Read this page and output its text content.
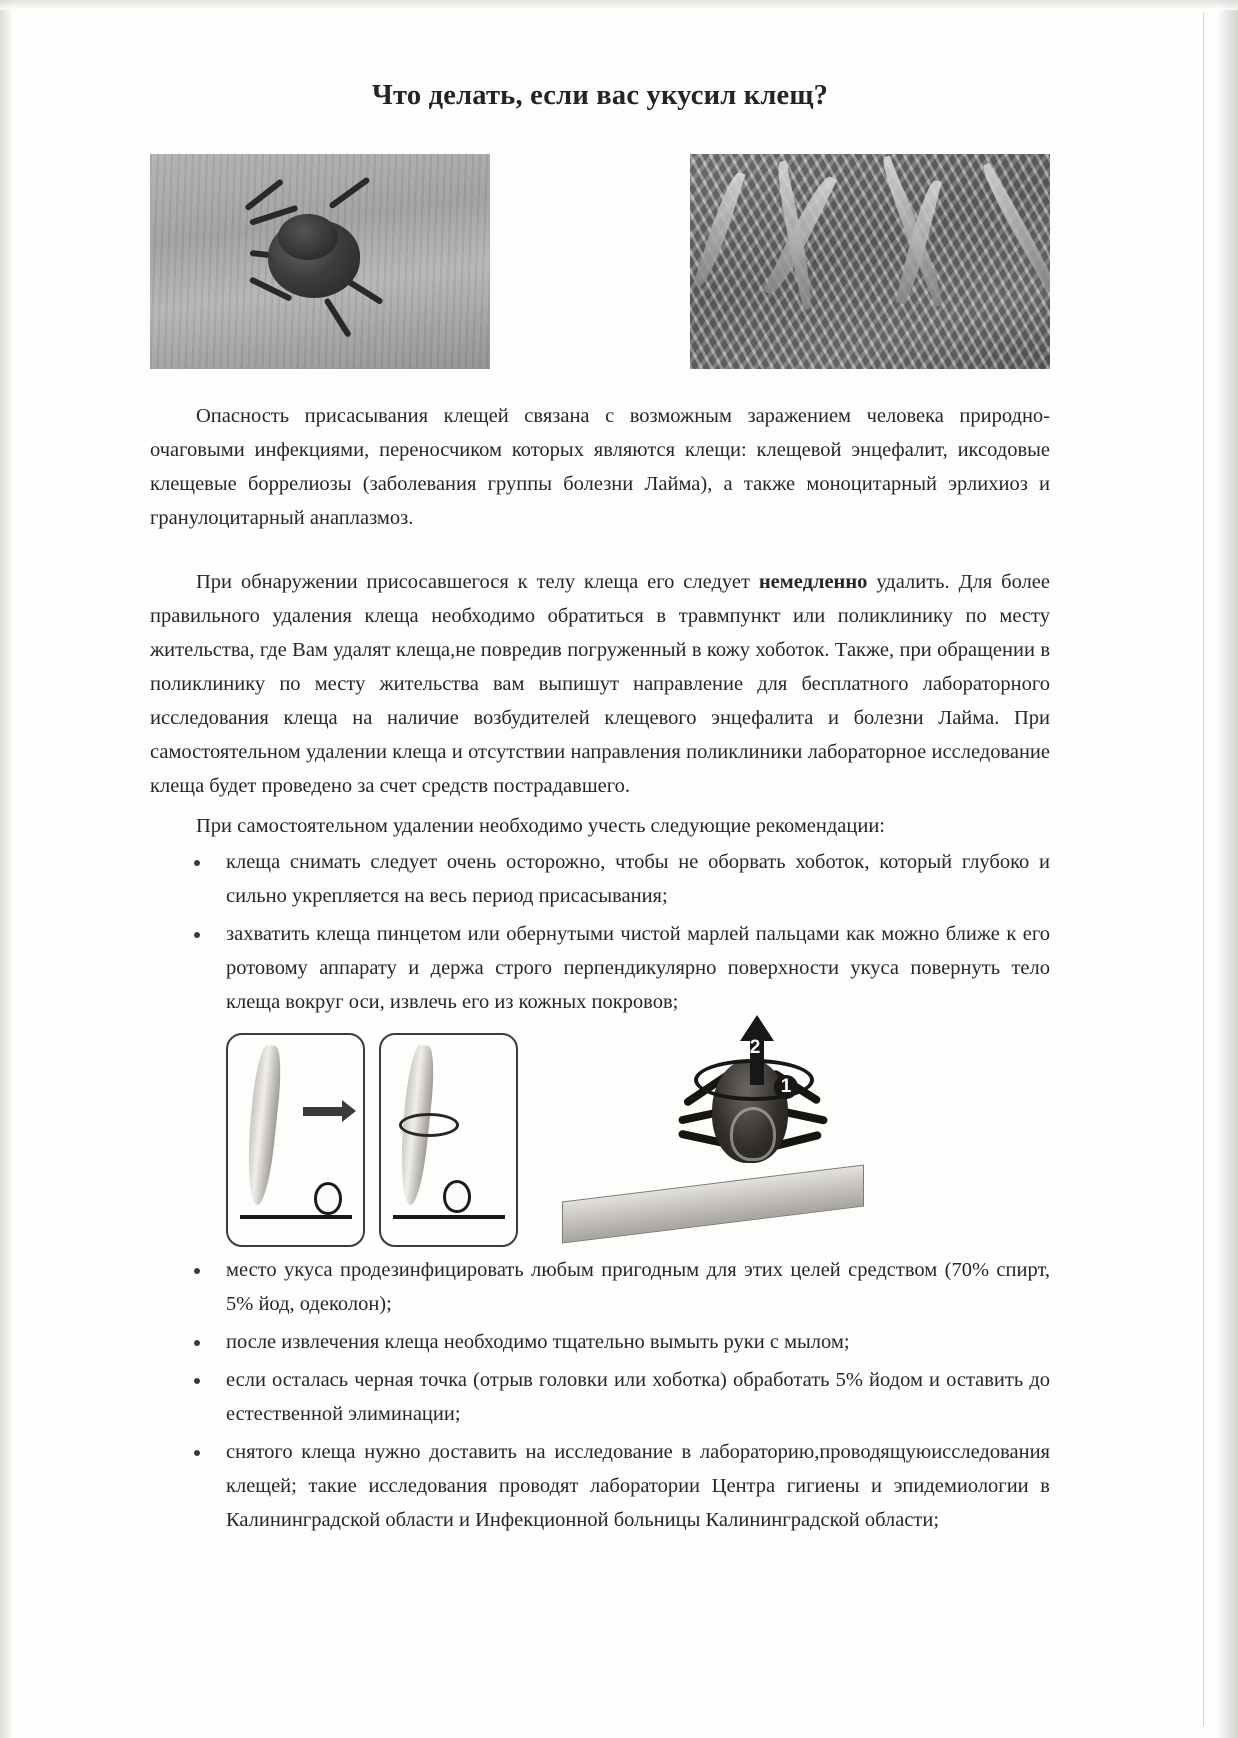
Что делать, если вас укусил клещ?

Опасность присасывания клещей связана с возможным заражением человека природно-очаговыми инфекциями, переносчиком которых являются клещи: клещевой энцефалит, иксодовые клещевые боррелиозы (заболевания группы болезни Лайма), а также моноцитарный эрлихиоз и гранулоцитарный анаплазмоз.

При обнаружении присосавшегося к телу клеща его следует немедленно удалить. Для более правильного удаления клеща необходимо обратиться в травмпункт или поликлинику по месту жительства, где Вам удалят клеща,не повредив погруженный в кожу хоботок. Также, при обращении в поликлинику по месту жительства вам выпишут направление для бесплатного лабораторного исследования клеща на наличие возбудителей клещевого энцефалита и болезни Лайма. При самостоятельном удалении клеща и отсутствии направления поликлиники лабораторное исследование клеща будет проведено за счет средств пострадавшего.

При самостоятельном удалении необходимо учесть следующие рекомендации:

клеща снимать следует очень осторожно, чтобы не оборвать хоботок, который глубоко и сильно укрепляется на весь период присасывания;
захватить клеща пинцетом или обернутыми чистой марлей пальцами как можно ближе к его ротовому аппарату и держа строго перпендикулярно поверхности укуса повернуть тело клеща вокруг оси, извлечь его из кожных покровов;
1
2
место укуса продезинфицировать любым пригодным для этих целей средством (70% спирт, 5% йод, одеколон);
после извлечения клеща необходимо тщательно вымыть руки с мылом;
если осталась черная точка (отрыв головки или хоботка) обработать 5% йодом и оставить до естественной элиминации;
снятого клеща нужно доставить на исследование в лабораторию,проводящуюисследования клещей; такие исследования проводят лаборатории Центра гигиены и эпидемиологии в Калининградской области и Инфекционной больницы Калининградской области;
